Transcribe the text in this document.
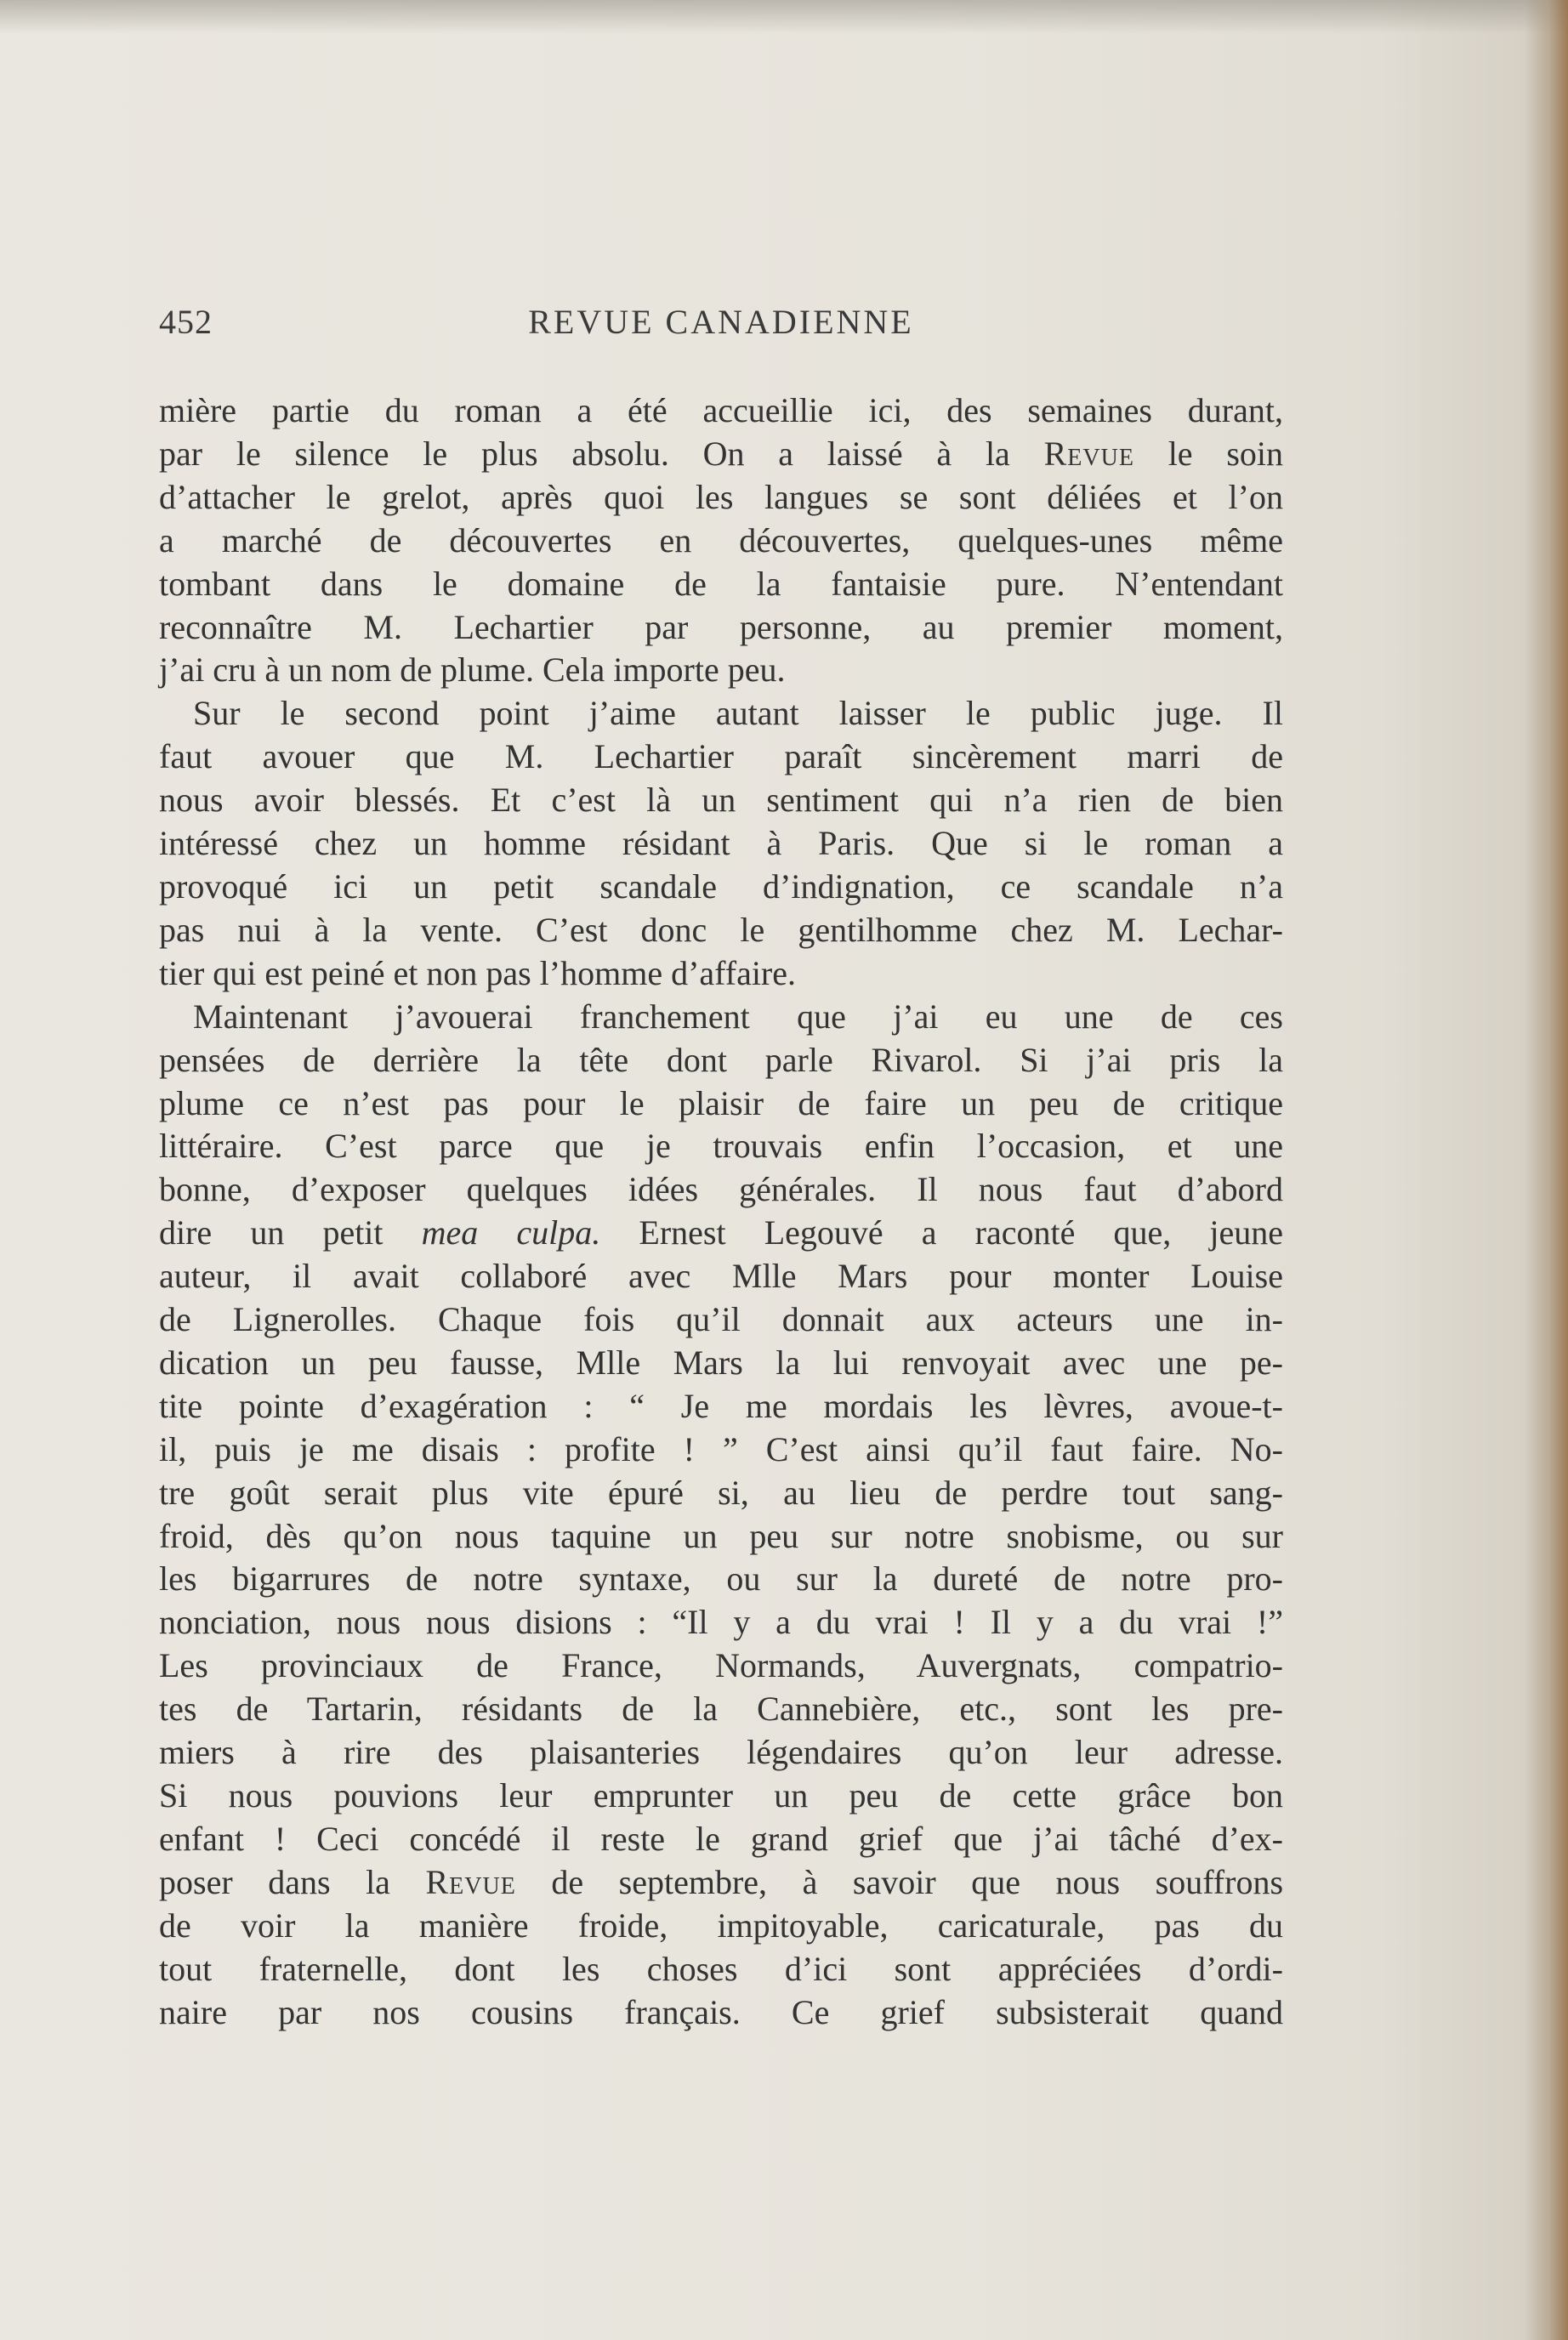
452	REVUE CANADIENNE
mière partie du roman a été accueillie ici, des semaines durant,
par le silence le plus absolu. On a laissé à la Revue le soin
d’attacher le grelot, après quoi les langues se sont déliées et l’on
a marché de découvertes en découvertes, quelques-unes même
tombant dans le domaine de la fantaisie pure. N’entendant
reconnaître M. Lechartier par personne, au premier moment,
j’ai cru à un nom de plume. Cela importe peu.
Sur le second point j’aime autant laisser le public juge. Il
faut avouer que M. Lechartier paraît sincèrement marri de
nous avoir blessés. Et c’est là un sentiment qui n’a rien de bien
intéressé chez un homme résidant à Paris. Que si le roman a
provoqué ici un petit scandale d’indignation, ce scandale n’a
pas nui à la vente. C’est donc le gentilhomme chez M. Lechar-
tier qui est peiné et non pas l’homme d’affaire.
Maintenant j’avouerai franchement que j’ai eu une de ces
pensées de derrière la tête dont parle Rivarol. Si j’ai pris la
plume ce n’est pas pour le plaisir de faire un peu de critique
littéraire. C’est parce que je trouvais enfin l’occasion, et une
bonne, d’exposer quelques idées générales. Il nous faut d’abord
dire un petit mea culpa. Ernest Legouvé a raconté que, jeune
auteur, il avait collaboré avec Mlle Mars pour monter Louise
de Lignerolles. Chaque fois qu’il donnait aux acteurs une in-
dication un peu fausse, Mlle Mars la lui renvoyait avec une pe-
tite pointe d’exagération : “ Je me mordais les lèvres, avoue-t-
il, puis je me disais : profite ! ” C’est ainsi qu’il faut faire. No-
tre goût serait plus vite épuré si, au lieu de perdre tout sang-
froid, dès qu’on nous taquine un peu sur notre snobisme, ou sur
les bigarrures de notre syntaxe, ou sur la dureté de notre pro-
nonciation, nous nous disions : “Il y a du vrai ! Il y a du vrai !”
Les provinciaux de France, Normands, Auvergnats, compatrio-
tes de Tartarin, résidants de la Cannebière, etc., sont les pre-
miers à rire des plaisanteries légendaires qu’on leur adresse.
Si nous pouvions leur emprunter un peu de cette grâce bon
enfant ! Ceci concédé il reste le grand grief que j’ai tâché d’ex-
poser dans la Revue de septembre, à savoir que nous souffrons
de voir la manière froide, impitoyable, caricaturale, pas du
tout fraternelle, dont les choses d’ici sont appréciées d’ordi-
naire par nos cousins français. Ce grief subsisterait quand
